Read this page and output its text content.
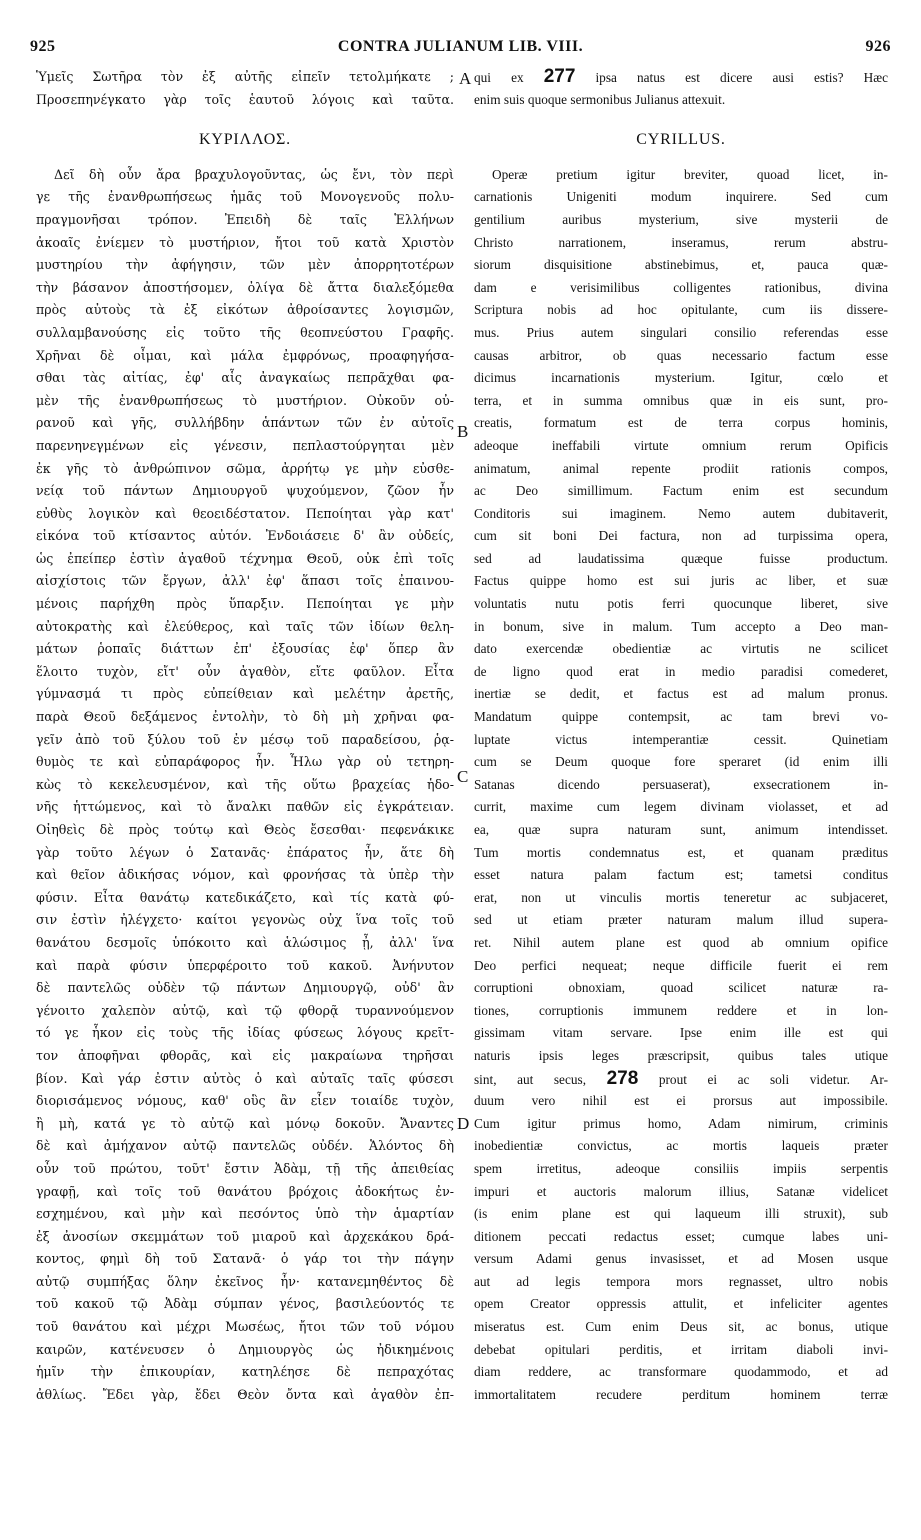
925	CONTRA JULIANUM LIB. VIII.	926
A
B
C
D
Ὑμεῖς Σωτῆρα τὸν ἐξ αὐτῆς εἰπεῖν τετολμήκατε ;
Προσεπηνέγκατο γὰρ τοῖς ἑαυτοῦ λόγοις καὶ ταῦτα.
ΚΥΡΙΛΛΟΣ.
Δεῖ δὴ οὖν ἄρα βραχυλογοῦντας, ὡς ἔνι, τὸν περὶ
γε τῆς ἐνανθρωπήσεως ἡμᾶς τοῦ Μονογενοῦς πολυ-
πραγμονῆσαι τρόπον. Ἐπειδὴ δὲ ταῖς Ἑλλήνων
ἀκοαῖς ἐνίεμεν τὸ μυστήριον, ἤτοι τοῦ κατὰ Χριστὸν
μυστηρίου τὴν ἀφήγησιν, τῶν μὲν ἀπορρητοτέρων
τὴν βάσανον ἀποστήσομεν, ὀλίγα δὲ ἄττα διαλεξόμεθα
πρὸς αὐτοὺς τὰ ἐξ εἰκότων ἀθροίσαντες λογισμῶν,
συλλαμβανούσης εἰς τοῦτο τῆς θεοπνεύστου Γραφῆς.
Χρῆναι δὲ οἶμαι, καὶ μάλα ἐμφρόνως, προαφηγήσα-
σθαι τὰς αἰτίας, ἐφ' αἷς ἀναγκαίως πεπρᾶχθαι φα-
μὲν τῆς ἐνανθρωπήσεως τὸ μυστήριον. Οὐκοῦν οὐ-
ρανοῦ καὶ γῆς, συλλήβδην ἁπάντων τῶν ἐν αὐτοῖς
παρενηνεγμένων εἰς γένεσιν, πεπλαστούργηται μὲν
ἐκ γῆς τὸ ἀνθρώπινον σῶμα, ἀρρήτῳ γε μὴν εὐσθε-
νείᾳ τοῦ πάντων Δημιουργοῦ ψυχούμενον, ζῶον ἦν
εὐθὺς λογικὸν καὶ θεοειδέστατον. Πεποίηται γὰρ κατ'
εἰκόνα τοῦ κτίσαντος αὐτόν. Ἐνδοιάσειε δ' ἂν οὐδείς,
ὡς ἐπείπερ ἐστὶν ἀγαθοῦ τέχνημα Θεοῦ, οὐκ ἐπὶ τοῖς
αἰσχίστοις τῶν ἔργων, ἀλλ' ἐφ' ἅπασι τοῖς ἐπαινου-
μένοις παρήχθη πρὸς ὕπαρξιν. Πεποίηται γε μὴν
αὐτοκρατὴς καὶ ἐλεύθερος, καὶ ταῖς τῶν ἰδίων θελη-
μάτων ῥοπαῖς διάττων ἐπ' ἐξουσίας ἐφ' ὅπερ ἂν
ἕλοιτο τυχὸν, εἴτ' οὖν ἀγαθὸν, εἴτε φαῦλον. Εἶτα
γύμνασμά τι πρὸς εὐπείθειαν καὶ μελέτην ἀρετῆς,
παρὰ Θεοῦ δεξάμενος ἐντολὴν, τὸ δὴ μὴ χρῆναι φα-
γεῖν ἀπὸ τοῦ ξύλου τοῦ ἐν μέσῳ τοῦ παραδείσου, ῥᾳ-
θυμὸς τε καὶ εὐπαράφορος ἦν. Ἧλω γὰρ οὐ τετηρη-
κὼς τὸ κεκελευσμένον, καὶ τῆς οὕτω βραχείας ἡδο-
νῆς ἡττώμενος, καὶ τὸ ἄναλκι παθῶν εἰς ἐγκράτειαν.
Οἰηθεὶς δὲ πρὸς τούτῳ καὶ Θεὸς ἔσεσθαι· πεφενάκικε
γὰρ τοῦτο λέγων ὁ Σατανᾶς· ἐπάρατος ἦν, ἅτε δὴ
καὶ θεῖον ἀδικήσας νόμον, καὶ φρονήσας τὰ ὑπὲρ τὴν
φύσιν. Εἶτα θανάτῳ κατεδικάζετο, καὶ τίς κατὰ φύ-
σιν ἐστὶν ἠλέγχετο· καίτοι γεγονὼς οὐχ ἵνα τοῖς τοῦ
θανάτου δεσμοῖς ὑπόκοιτο καὶ ἁλώσιμος ᾖ, ἀλλ' ἵνα
καὶ παρὰ φύσιν ὑπερφέροιτο τοῦ κακοῦ. Ἀνήνυτον
δὲ παντελῶς οὐδὲν τῷ πάντων Δημιουργῷ, οὐδ' ἂν
γένοιτο χαλεπὸν αὐτῷ, καὶ τῷ φθορᾷ τυραννούμενον
τό γε ἧκον εἰς τοὺς τῆς ἰδίας φύσεως λόγους κρεῖτ-
τον ἀποφῆναι φθορᾶς, καὶ εἰς μακραίωνα τηρῆσαι
βίον. Καὶ γάρ ἐστιν αὐτὸς ὁ καὶ αὐταῖς ταῖς φύσεσι
διορισάμενος νόμους, καθ' οὓς ἂν εἶεν τοιαίδε τυχὸν,
ἢ μὴ, κατά γε τὸ αὐτῷ καὶ μόνῳ δοκοῦν. Ἄναντες
δὲ καὶ ἀμήχανον αὐτῷ παντελῶς οὐδέν. Ἁλόντος δὴ
οὖν τοῦ πρώτου, τοῦτ' ἔστιν Ἀδὰμ, τῇ τῆς ἀπειθείας
γραφῇ, καὶ τοῖς τοῦ θανάτου βρόχοις ἀδοκήτως ἐν-
εσχημένου, καὶ μὴν καὶ πεσόντος ὑπὸ τὴν ἁμαρτίαν
ἐξ ἀνοσίων σκεμμάτων τοῦ μιαροῦ καὶ ἀρχεκάκου δρά-
κοντος, φημὶ δὴ τοῦ Σατανᾶ· ὁ γάρ τοι τὴν πάγην
αὐτῷ συμπήξας ὅλην ἐκεῖνος ἦν· κατανεμηθέντος δὲ
τοῦ κακοῦ τῷ Ἀδὰμ σύμπαν γένος, βασιλεύοντός τε
τοῦ θανάτου καὶ μέχρι Μωσέως, ἤτοι τῶν τοῦ νόμου
καιρῶν, κατένευσεν ὁ Δημιουργὸς ὡς ἠδικημένοις
ἡμῖν τὴν ἐπικουρίαν, κατηλέησε δὲ πεπραχότας
ἀθλίως. Ἔδει γὰρ, ἔδει Θεὸν ὄντα καὶ ἀγαθὸν ἐπ-
qui ex 277 ipsa natus est dicere ausi estis? Hæc
enim suis quoque sermonibus Julianus attexuit.
CYRILLUS.
Operæ pretium igitur breviter, quoad licet, in-
carnationis Unigeniti modum inquirere. Sed cum
gentilium auribus mysterium, sive mysterii de
Christo narrationem, inseramus, rerum abstru-
siorum disquisitione abstinebimus, et, pauca quæ-
dam e verisimilibus colligentes rationibus, divina
Scriptura nobis ad hoc opitulante, cum iis dissere-
mus. Prius autem singulari consilio referendas esse
causas arbitror, ob quas necessario factum esse
dicimus incarnationis mysterium. Igitur, cœlo et
terra, et in summa omnibus quæ in eis sunt, pro-
creatis, formatum est de terra corpus hominis,
adeoque ineffabili virtute omnium rerum Opificis
animatum, animal repente prodiit rationis compos,
ac Deo simillimum. Factum enim est secundum
Conditoris sui imaginem. Nemo autem dubitaverit,
cum sit boni Dei factura, non ad turpissima opera,
sed ad laudatissima quæque fuisse productum.
Factus quippe homo est sui juris ac liber, et suæ
voluntatis nutu potis ferri quocunque liberet, sive
in bonum, sive in malum. Tum accepto a Deo man-
dato exercendæ obedientiæ ac virtutis ne scilicet
de ligno quod erat in medio paradisi comederet,
inertiæ se dedit, et factus est ad malum pronus.
Mandatum quippe contempsit, ac tam brevi vo-
luptate victus intemperantiæ cessit. Quinetiam
cum se Deum quoque fore speraret (id enim illi
Satanas dicendo persuaserat), exsecrationem in-
currit, maxime cum legem divinam violasset, et ad
ea, quæ supra naturam sunt, animum intendisset.
Tum mortis condemnatus est, et quanam præditus
esset natura palam factum est; tametsi conditus
erat, non ut vinculis mortis teneretur ac subjaceret,
sed ut etiam præter naturam malum illud supera-
ret. Nihil autem plane est quod ab omnium opifice
Deo perfici nequeat; neque difficile fuerit ei rem
corruptioni obnoxiam, quoad scilicet naturæ ra-
tiones, corruptionis immunem reddere et in lon-
gissimam vitam servare. Ipse enim ille est qui
naturis ipsis leges præscripsit, quibus tales utique
sint, aut secus, 278 prout ei ac soli videtur. Ar-
duum vero nihil est ei prorsus aut impossibile.
Cum igitur primus homo, Adam nimirum, criminis
inobedientiæ convictus, ac mortis laqueis præter
spem irretitus, adeoque consiliis impiis serpentis
impuri et auctoris malorum illius, Satanæ videlicet
(is enim plane est qui laqueum illi struxit), sub
ditionem peccati redactus esset; cumque labes uni-
versum Adami genus invasisset, et ad Mosen usque
aut ad legis tempora mors regnasset, ultro nobis
opem Creator oppressis attulit, et infeliciter agentes
miseratus est. Cum enim Deus sit, ac bonus, utique
debebat opitulari perditis, et irritam diaboli invi-
diam reddere, ac transformare quodammodo, et ad
immortalitatem recudere perditum hominem terræ
